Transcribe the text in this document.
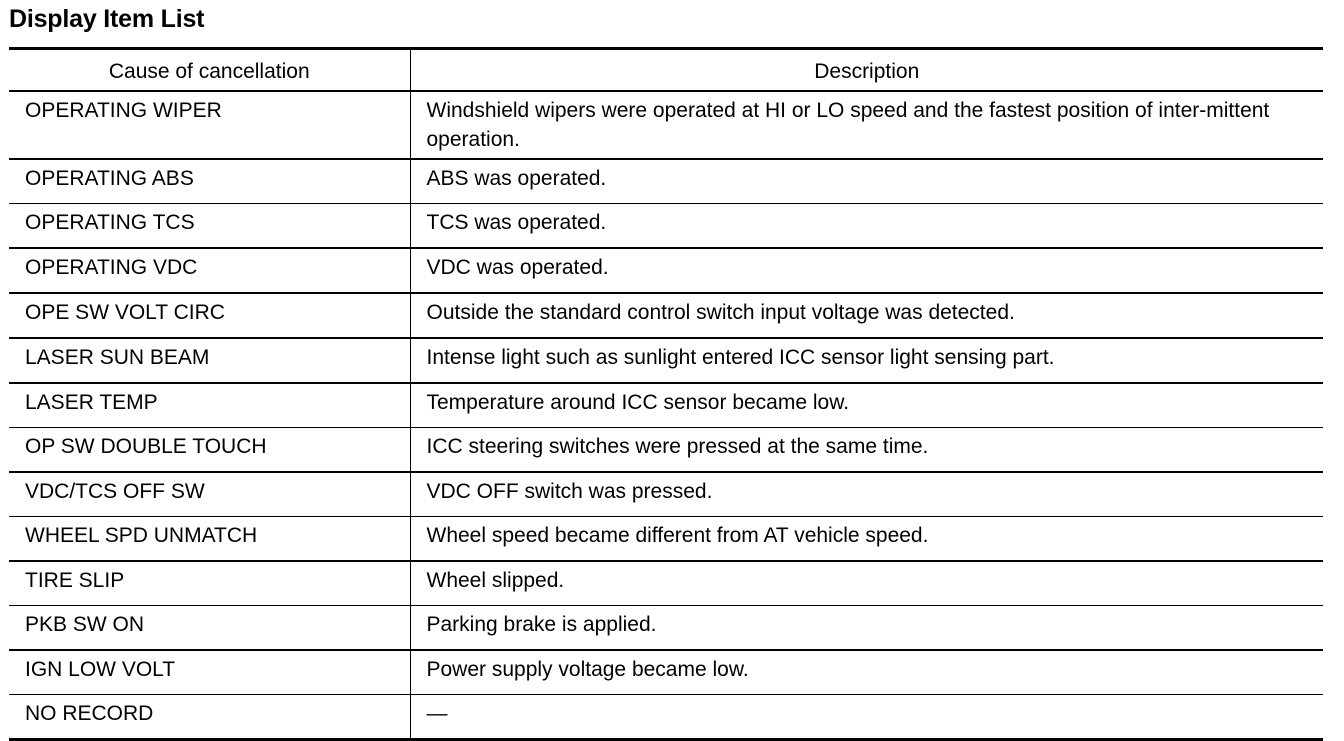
Display Item List
Cause of cancellation	Description
OPERATING WIPER	Windshield wipers were operated at HI or LO speed and the fastest position of inter-mittent operation.
OPERATING ABS	ABS was operated.
OPERATING TCS	TCS was operated.
OPERATING VDC	VDC was operated.
OPE SW VOLT CIRC	Outside the standard control switch input voltage was detected.
LASER SUN BEAM	Intense light such as sunlight entered ICC sensor light sensing part.
LASER TEMP	Temperature around ICC sensor became low.
OP SW DOUBLE TOUCH	ICC steering switches were pressed at the same time.
VDC/TCS OFF SW	VDC OFF switch was pressed.
WHEEL SPD UNMATCH	Wheel speed became different from AT vehicle speed.
TIRE SLIP	Wheel slipped.
PKB SW ON	Parking brake is applied.
IGN LOW VOLT	Power supply voltage became low.
NO RECORD	—
